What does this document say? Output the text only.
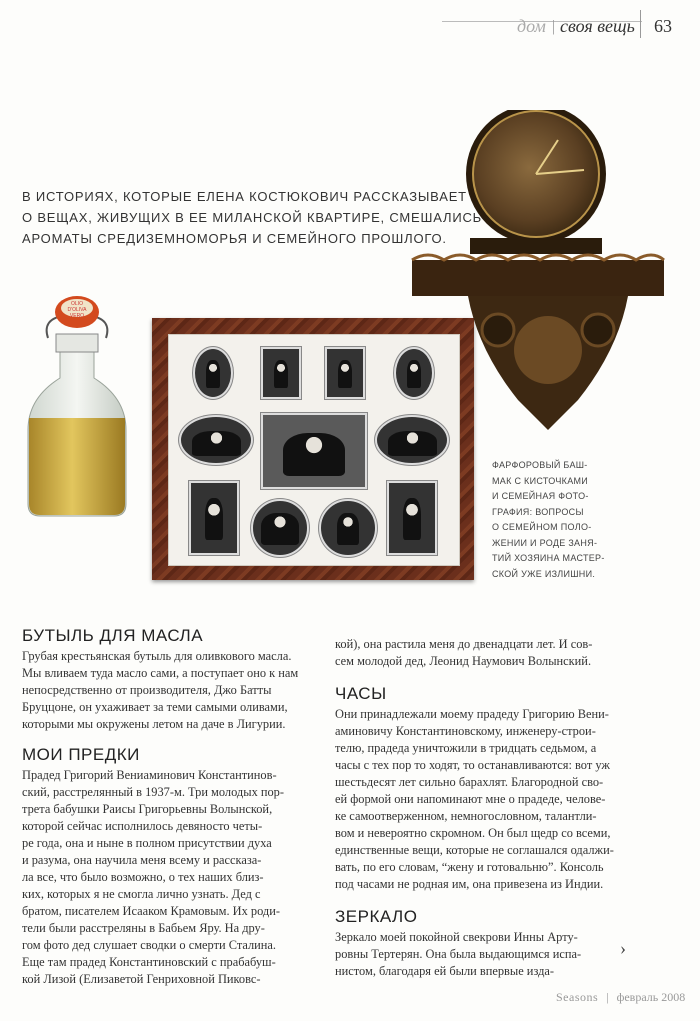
дом | своя вещь 63
В ИСТОРИЯХ, КОТОРЫЕ ЕЛЕНА КОСТЮКОВИЧ РАССКАЗЫВАЕТ
О ВЕЩАХ, ЖИВУЩИХ В ЕЕ МИЛАНСКОЙ КВАРТИРЕ, СМЕШАЛИСЬ
АРОМАТЫ СРЕДИЗЕМНОМОРЬЯ И СЕМЕЙНОГО ПРОШЛОГО.
OLIO
D'OLIVA
VERO
ФАРФОРОВЫЙ БАШ-
МАК С КИСТОЧКАМИ
И СЕМЕЙНАЯ ФОТО-
ГРАФИЯ: ВОПРОСЫ
О СЕМЕЙНОМ ПОЛО-
ЖЕНИИ И РОДЕ ЗАНЯ-
ТИЙ ХОЗЯИНА МАСТЕР-
СКОЙ УЖЕ ИЗЛИШНИ.
БУТЫЛЬ ДЛЯ МАСЛА
Грубая крестьянская бутыль для оливкового масла.
Мы вливаем туда масло сами, а поступает оно к нам
непосредственно от производителя, Джо Батты
Бруццоне, он ухаживает за теми самыми оливами,
которыми мы окружены летом на даче в Лигурии.
МОИ ПРЕДКИ
Прадед Григорий Вениаминович Константинов-
ский, расстрелянный в 1937-м. Три молодых пор-
трета бабушки Раисы Григорьевны Волынской,
которой сейчас исполнилось девяносто четы-
ре года, она и ныне в полном присутствии духа
и разума, она научила меня всему и рассказа-
ла все, что было возможно, о тех наших близ-
ких, которых я не смогла лично узнать. Дед с
братом, писателем Исааком Крамовым. Их роди-
тели были расстреляны в Бабьем Яру. На дру-
гом фото дед слушает сводки о смерти Сталина.
Еще там прадед Константиновский с прабабуш-
кой Лизой (Елизаветой Генриховной Пиковс-
кой), она растила меня до двенадцати лет. И сов-
сем молодой дед, Леонид Наумович Волынский.
ЧАСЫ
Они принадлежали моему прадеду Григорию Вени-
аминовичу Константиновскому, инженеру-строи-
телю, прадеда уничтожили в тридцать седьмом, а
часы с тех пор то ходят, то останавливаются: вот уж
шестьдесят лет сильно барахлят. Благородной сво-
ей формой они напоминают мне о прадеде, челове-
ке самоотверженном, немногословном, талантли-
вом и невероятно скромном. Он был щедр со всеми,
единственные вещи, которые не соглашался одалжи-
вать, по его словам, “жену и готовальню”. Консоль
под часами не родная им, она привезена из Индии.
ЗЕРКАЛО
Зеркало моей покойной свекрови Инны Арту-
ровны Тертерян. Она была выдающимся испа-
нистом, благодаря ей были впервые изда-
›
Seasons | февраль 2008
